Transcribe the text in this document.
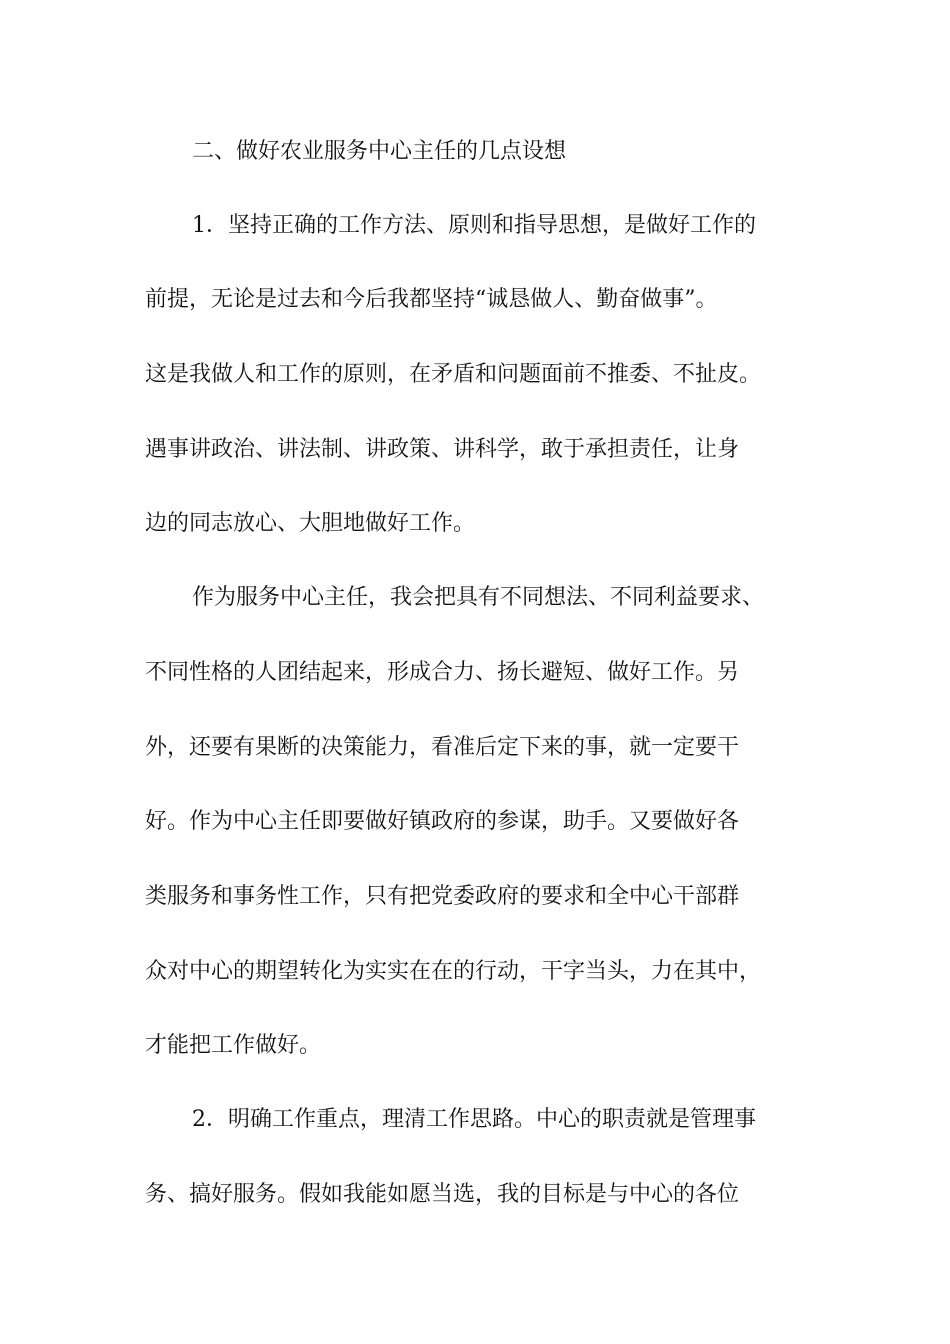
二、做好农业服务中心主任的几点设想
1．坚持正确的工作方法、原则和指导思想，是做好工作的
前提，无论是过去和今后我都坚持“诚恳做人、勤奋做事”。
这是我做人和工作的原则，在矛盾和问题面前不推委、不扯皮。
遇事讲政治、讲法制、讲政策、讲科学，敢于承担责任，让身
边的同志放心、大胆地做好工作。
作为服务中心主任，我会把具有不同想法、不同利益要求、
不同性格的人团结起来，形成合力、扬长避短、做好工作。另
外，还要有果断的决策能力，看准后定下来的事，就一定要干
好。作为中心主任即要做好镇政府的参谋，助手。又要做好各
类服务和事务性工作，只有把党委政府的要求和全中心干部群
众对中心的期望转化为实实在在的行动，干字当头，力在其中，
才能把工作做好。
2．明确工作重点，理清工作思路。中心的职责就是管理事
务、搞好服务。假如我能如愿当选，我的目标是与中心的各位
